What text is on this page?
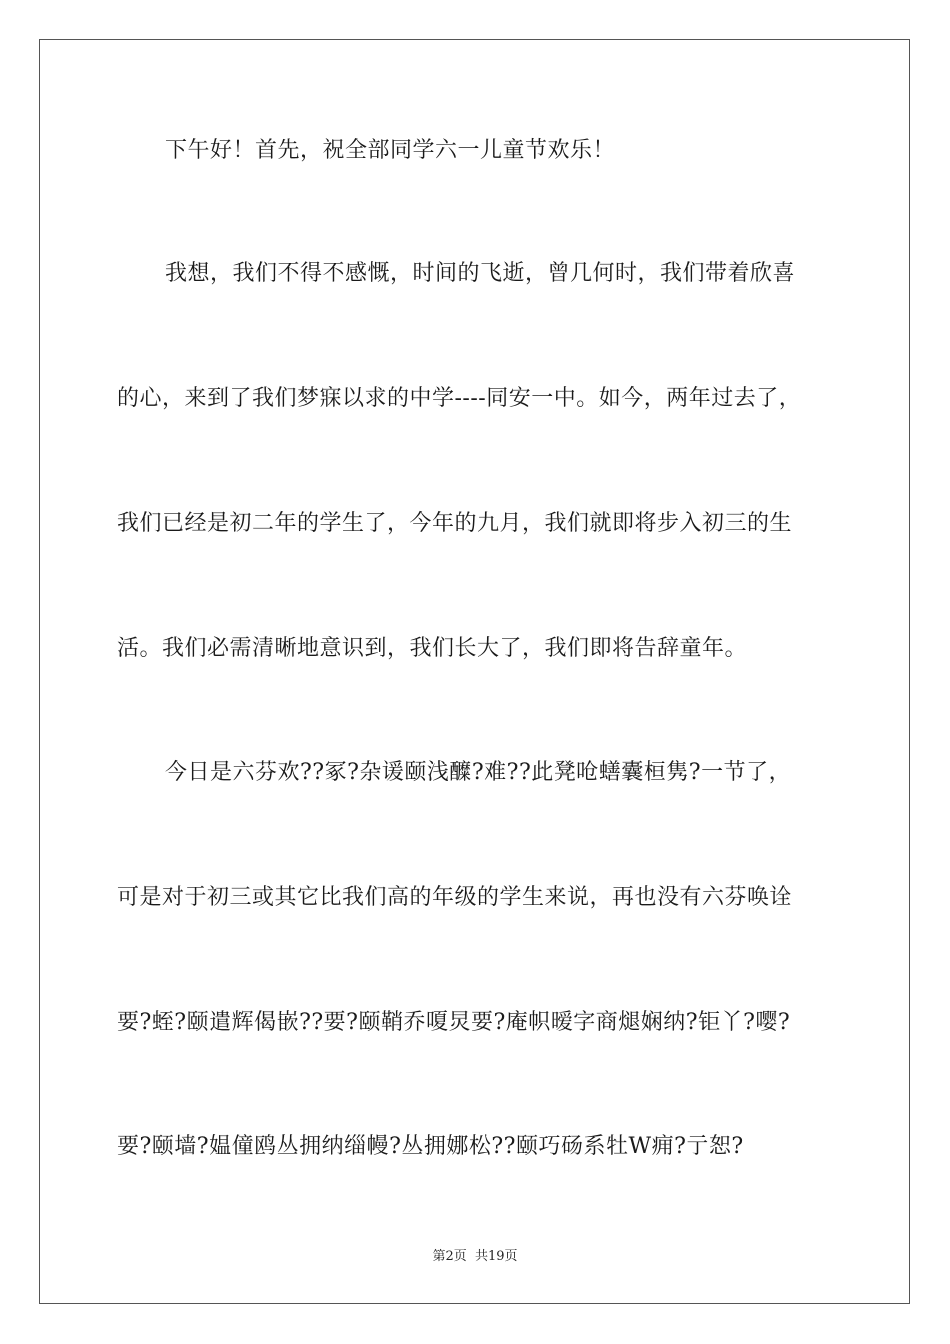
下午好！首先，祝全部同学六一儿童节欢乐！
我想，我们不得不感慨，时间的飞逝，曾几何时，我们带着欣喜
的心，来到了我们梦寐以求的中学----同安一中。如今，两年过去了，
我们已经是初二年的学生了，今年的九月，我们就即将步入初三的生
活。我们必需清晰地意识到，我们长大了，我们即将告辞童年。
今日是六芬欢??冢?杂谖颐浅醾?难??此凳呛蟮囊桓隽?一节了，
可是对于初三或其它比我们高的年级的学生来说，再也没有六芬唤诠
要?蛭?颐遣辉偈嵌??要?颐鞘乔嗄炅要?庵帜暧字商煺娴纳?钜丫?嘤?
要?颐墙?媪僮鸥丛拥纳缁幔?丛拥娜松??颐巧砀系牡W痈?亍恕?
第2页 共19页
